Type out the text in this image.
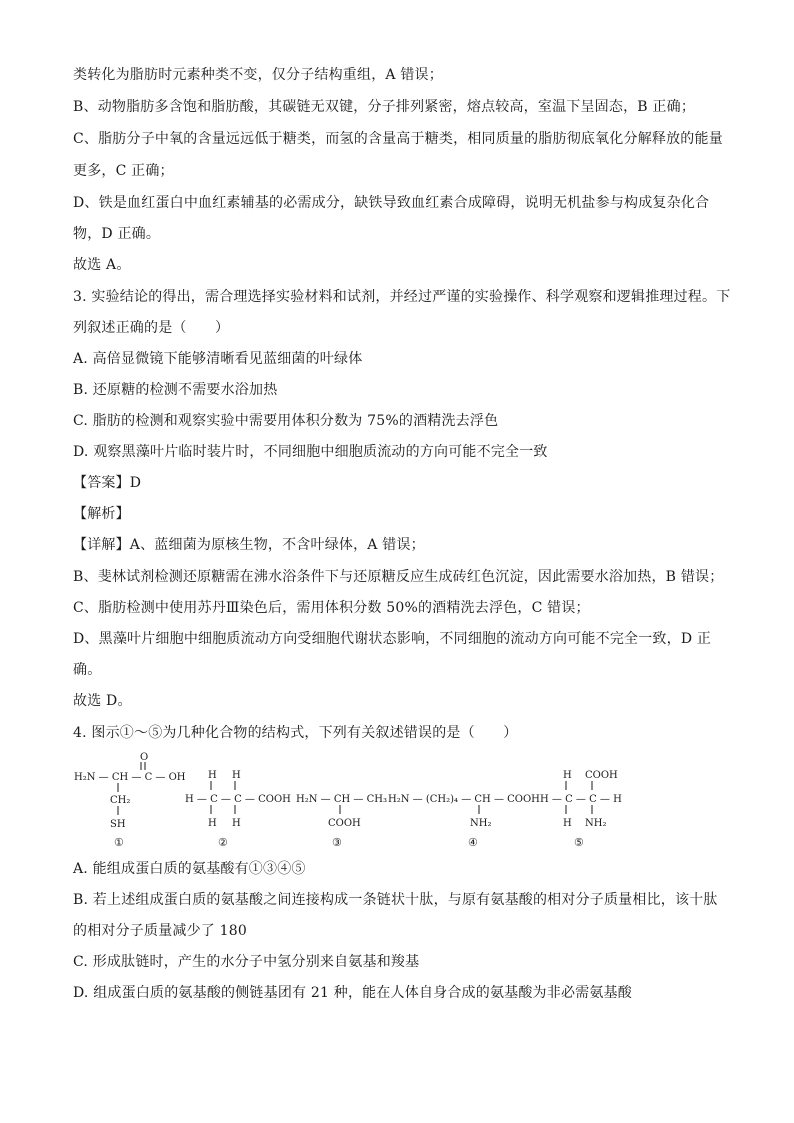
类转化为脂肪时元素种类不变，仅分子结构重组，A 错误；
B、动物脂肪多含饱和脂肪酸，其碳链无双键，分子排列紧密，熔点较高，室温下呈固态，B 正确；
C、脂肪分子中氧的含量远远低于糖类，而氢的含量高于糖类，相同质量的脂肪彻底氧化分解释放的能量
更多，C 正确；
D、铁是血红蛋白中血红素辅基的必需成分，缺铁导致血红素合成障碍，说明无机盐参与构成复杂化合
物，D 正确。
故选 A。
3. 实验结论的得出，需合理选择实验材料和试剂，并经过严谨的实验操作、科学观察和逻辑推理过程。下
列叙述正确的是（　　）
A. 高倍显微镜下能够清晰看见蓝细菌的叶绿体
B. 还原糖的检测不需要水浴加热
C. 脂肪的检测和观察实验中需要用体积分数为 75%的酒精洗去浮色
D. 观察黑藻叶片临时装片时，不同细胞中细胞质流动的方向可能不完全一致
【答案】D
【解析】
【详解】A、蓝细菌为原核生物，不含叶绿体，A 错误；
B、斐林试剂检测还原糖需在沸水浴条件下与还原糖反应生成砖红色沉淀，因此需要水浴加热，B 错误；
C、脂肪检测中使用苏丹Ⅲ染色后，需用体积分数 50%的酒精洗去浮色，C 错误；
D、黑藻叶片细胞中细胞质流动方向受细胞代谢状态影响，不同细胞的流动方向可能不完全一致，D 正
确。
故选 D。
4. 图示①～⑤为几种化合物的结构式，下列有关叙述错误的是（　　）
O
H₂N — CH — C — OH
CH₂
SH
①
H H
H — C — C — COOH
H H
②
H₂N — CH — CH₃
COOH
③
H₂N — (CH₂)₄ — CH — COOH
NH₂
④
H COOH
H — C — C — H
H NH₂
⑤
A. 能组成蛋白质的氨基酸有①③④⑤
B. 若上述组成蛋白质的氨基酸之间连接构成一条链状十肽，与原有氨基酸的相对分子质量相比，该十肽
的相对分子质量减少了 180
C. 形成肽链时，产生的水分子中氢分别来自氨基和羧基
D. 组成蛋白质的氨基酸的侧链基团有 21 种，能在人体自身合成的氨基酸为非必需氨基酸
